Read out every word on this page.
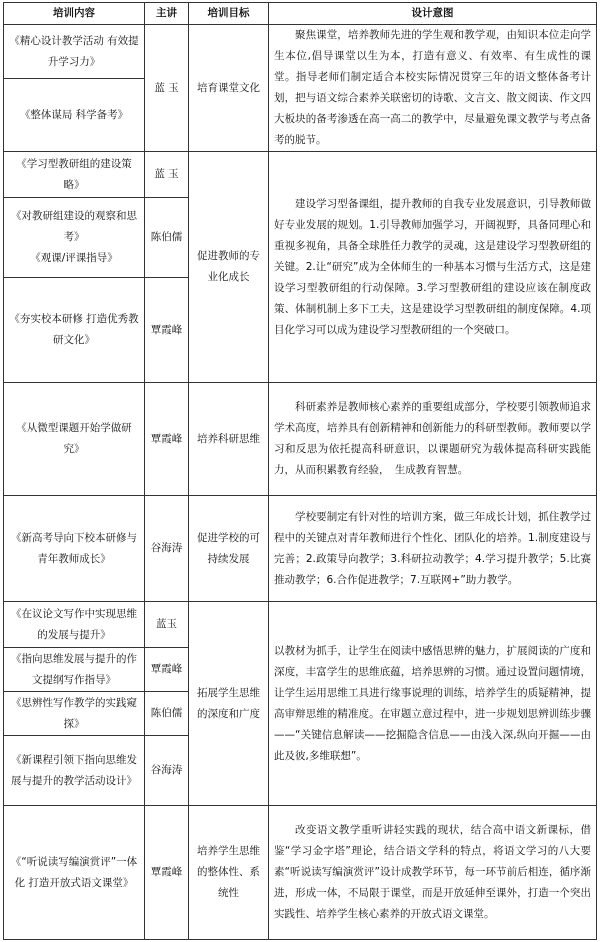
培训内容	主讲	培训目标	设计意图
《精心设计教学活动 有效提升学习力》	蓝 玉	培育课堂文化	聚焦课堂，培养教师先进的学生观和教学观，由知识本位走向学生本位,倡导课堂以生为本，打造有意义、有效率、有生成性的课堂。指导老师们制定适合本校实际情况贯穿三年的语文整体备考计划，把与语文综合素养关联密切的诗歌、文言文、散文阅读、作文四大板块的备考渗透在高一高二的教学中，尽量避免课文教学与考点备考的脱节。
《整体谋局 科学备考》			
《学习型教研组的建设策略》	蓝 玉	促进教师的专业化成长	建设学习型备课组，提升教师的自我专业发展意识，引导教师做好专业发展的规划。1.引导教师加强学习，开阔视野，具备同理心和重视多视角，具备全球胜任力教学的灵魂，这是建设学习型教研组的关键。2.让“研究”成为全体师生的一种基本习惯与生活方式，这是建设学习型教研组的行动保障。3.学习型教研组的建设应该在制度政策、体制机制上多下工夫，这是建设学习型教研组的制度保障。4.项目化学习可以成为建设学习型教研组的一个突破口。
《对教研组建设的观察和思考》
《观课/评课指导》	陈伯儒		
《夯实校本研修 打造优秀教研文化》	覃霞峰		
《从微型课题开始学做研究》	覃霞峰	培养科研思维	科研素养是教师核心素养的重要组成部分，学校要引领教师追求学术高度，培养具有创新精神和创新能力的科研型教师。教师要以学习和反思为依托提高科研意识，以课题研究为载体提高科研实践能力，从而积累教育经验，　生成教育智慧。
《新高考导向下校本研修与青年教师成长》	谷海涛	促进学校的可持续发展	学校要制定有针对性的培训方案，做三年成长计划，抓住教学过程中的关键点对青年教师进行个性化、团队化的培养。1.制度建设与完善；2.政策导向教学；3.科研拉动教学；4.学习提升教学；5.比赛推动教学；6.合作促进教学；7.互联网+”助力教学。
《在议论文写作中实现思维的发展与提升》	蓝玉	拓展学生思维的深度和广度	以教材为抓手，让学生在阅读中感悟思辨的魅力，扩展阅读的广度和深度，丰富学生的思维底蕴，培养思辨的习惯。通过设置问题情境，让学生运用思维工具进行缘事说理的训练，培养学生的质疑精神，提高审辩思维的精准度。在审题立意过程中，进一步规划思辨训练步骤——“关键信息解读——挖掘隐含信息——由浅入深,纵向开掘——由此及彼,多维联想”。
《指向思维发展与提升的作文提纲写作指导》	覃霞峰		
《思辨性写作教学的实践窥探》	陈伯儒		
《新课程引领下指向思维发展与提升的教学活动设计》	谷海涛		
《“听说读写编演赏评”一体化 打造开放式语文课堂》	覃霞峰	培养学生思维的整体性、系统性	改变语文教学重听讲轻实践的现状，结合高中语文新课标，借鉴“学习金字塔”理论，结合语文学科的特点，将语文学习的八大要素“听说读写编演赏评”设计成教学环节，每一环节前后相连，循序渐进，形成一体，不局限于课堂，而是开放延伸至课外，打造一个突出实践性、培养学生核心素养的开放式语文课堂。
